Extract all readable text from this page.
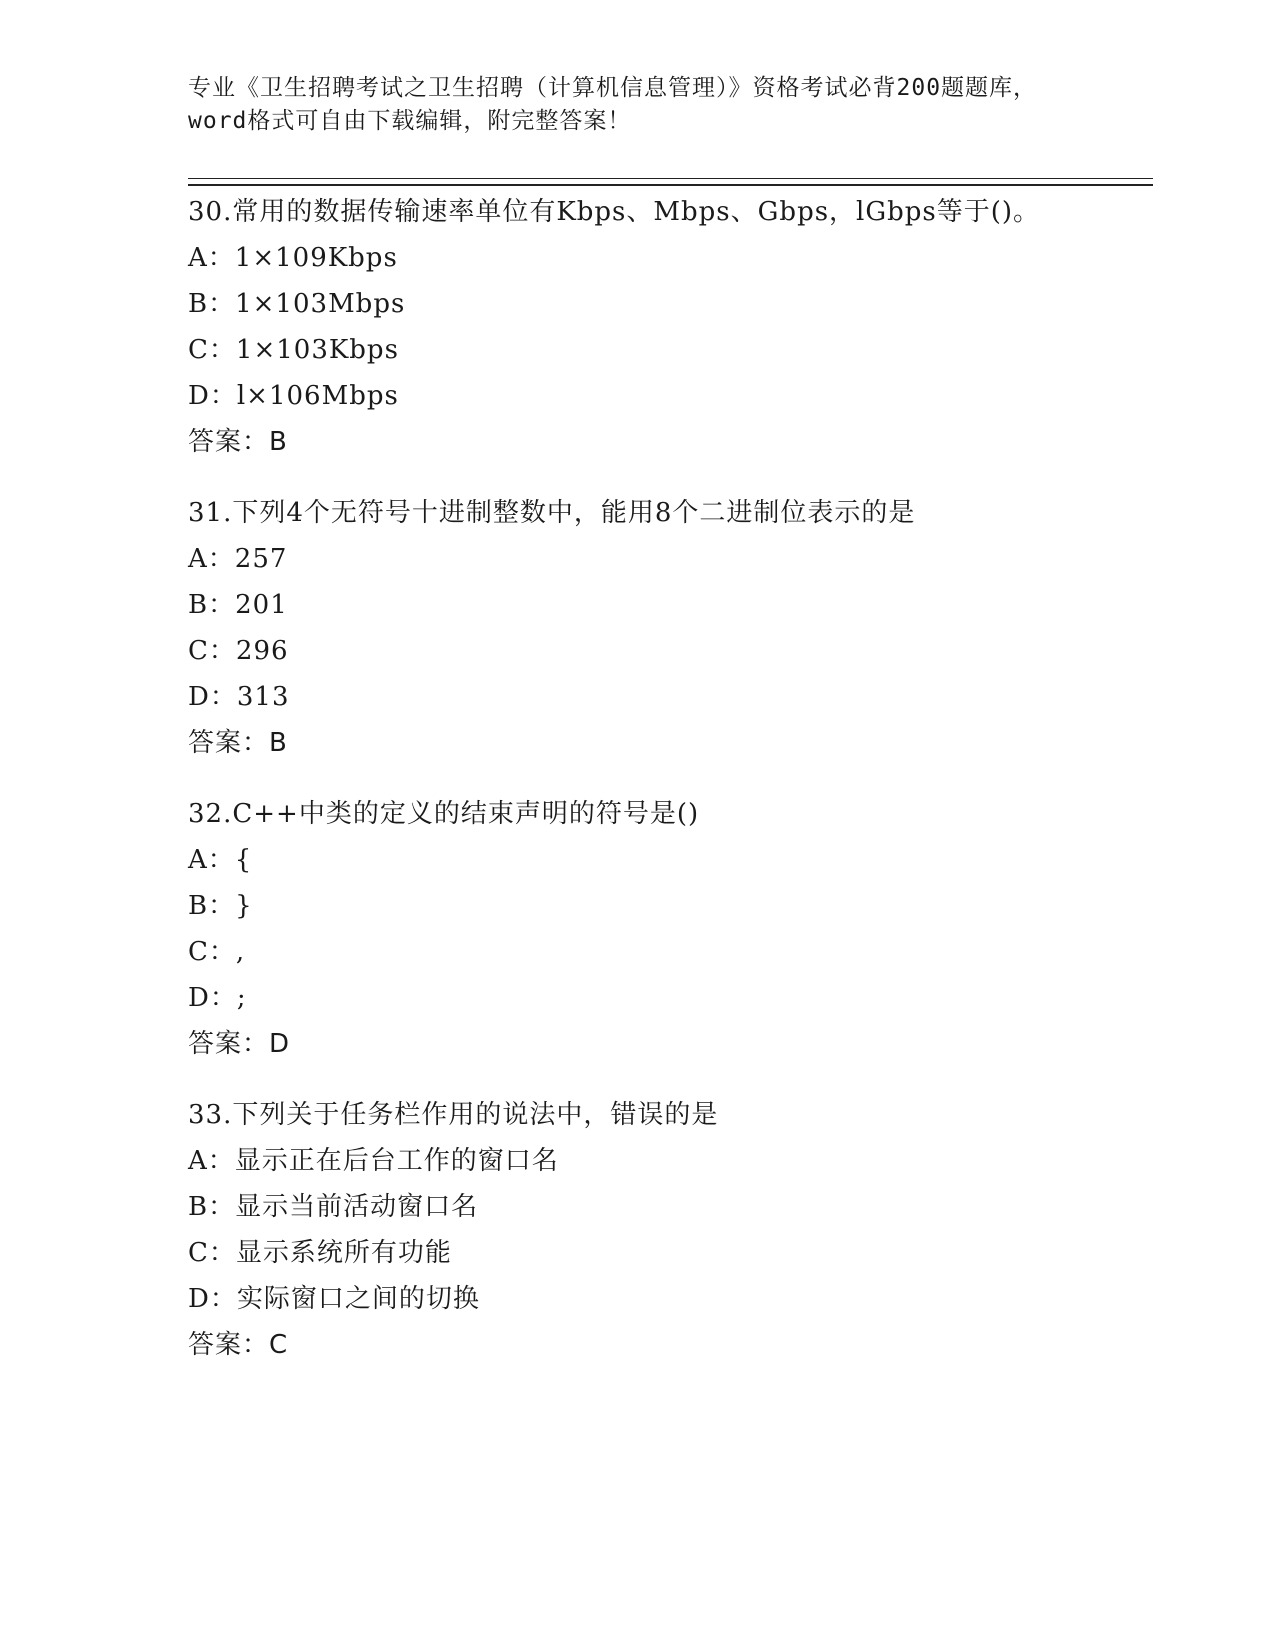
专业《卫生招聘考试之卫生招聘（计算机信息管理）》资格考试必背200题题库，
word格式可自由下载编辑，附完整答案！
30.常用的数据传输速率单位有Kbps、Mbps、Gbps，lGbps等于()。
A：1×109Kbps
B：1×103Mbps
C：1×103Kbps
D：l×106Mbps
答案：B
31.下列4个无符号十进制整数中，能用8个二进制位表示的是
A：257
B：201
C：296
D：313
答案：B
32.C++中类的定义的结束声明的符号是()
A：{
B：}
C：,
D：;
答案：D
33.下列关于任务栏作用的说法中，错误的是
A：显示正在后台工作的窗口名
B：显示当前活动窗口名
C：显示系统所有功能
D：实际窗口之间的切换
答案：C
